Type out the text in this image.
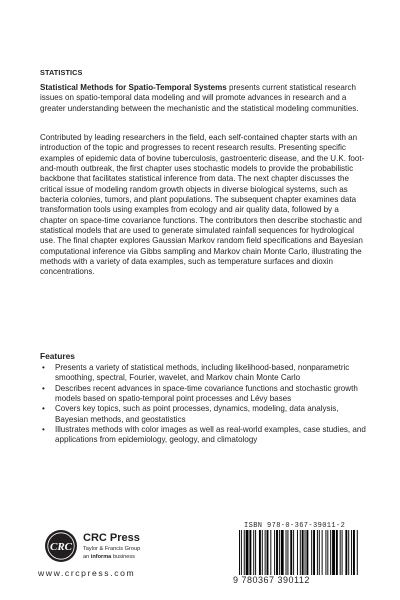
STATISTICS

Statistical Methods for Spatio-Temporal Systems presents current statistical research issues on spatio-temporal data modeling and will promote advances in research and a greater understanding between the mechanistic and the statistical modeling communities.

Contributed by leading researchers in the field, each self-contained chapter starts with an introduction of the topic and progresses to recent research results. Presenting specific examples of epidemic data of bovine tuberculosis, gastroenteric disease, and the U.K. foot-and-mouth outbreak, the first chapter uses stochastic models to provide the probabilistic backbone that facilitates statistical inference from data. The next chapter discusses the critical issue of modeling random growth objects in diverse biological systems, such as bacteria colonies, tumors, and plant populations. The subsequent chapter examines data transformation tools using examples from ecology and air quality data, followed by a chapter on space-time covariance functions. The contributors then describe stochastic and statistical models that are used to generate simulated rainfall sequences for hydrological use. The final chapter explores Gaussian Markov random field specifications and Bayesian computational inference via Gibbs sampling and Markov chain Monte Carlo, illustrating the methods with a variety of data examples, such as temperature surfaces and dioxin concentrations.

Features
• Presents a variety of statistical methods, including likelihood-based, nonparametric smoothing, spectral, Fourier, wavelet, and Markov chain Monte Carlo
• Describes recent advances in space-time covariance functions and stochastic growth models based on spatio-temporal point processes and Lévy bases
• Covers key topics, such as point processes, dynamics, modeling, data analysis, Bayesian methods, and geostatistics
• Illustrates methods with color images as well as real-world examples, case studies, and applications from epidemiology, geology, and climatology
CRC
CRC Press
Taylor & Francis Group
an informa business
www.crcpress.com
ISBN 978-0-367-39011-2
9 780367 390112
